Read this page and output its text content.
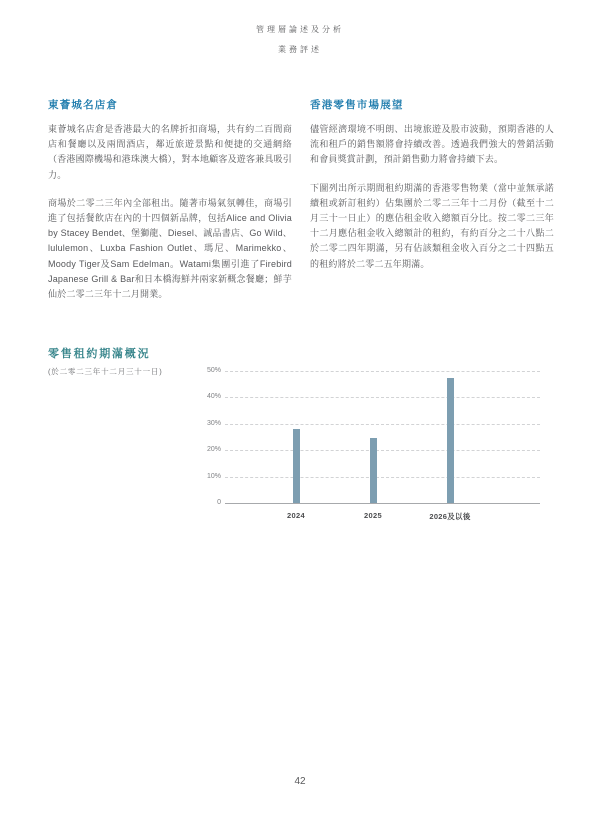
管理層論述及分析
業務評述
東薈城名店倉

東薈城名店倉是香港最大的名牌折扣商場，共有約二百間商店和餐廳以及兩間酒店，鄰近旅遊景點和便捷的交通網絡（香港國際機場和港珠澳大橋），對本地顧客及遊客兼具吸引力。

商場於二零二三年內全部租出。隨著市場氣氛轉佳，商場引進了包括餐飲店在內的十四個新品牌，包括Alice and Olivia by Stacey Bendet、堡獅龍、Diesel、誠品書店、Go Wild、lululemon、Luxba Fashion Outlet、瑪尼、Marimekko、Moody Tiger及Sam Edelman。Watami集團引進了Firebird Japanese Grill & Bar和日本橋海鮮丼兩家新概念餐廳；鮮芋仙於二零二三年十二月開業。

香港零售市場展望

儘管經濟環境不明朗、出境旅遊及股市波動，預期香港的人流和租戶的銷售額將會持續改善。透過我們強大的營銷活動和會員獎賞計劃，預計銷售動力將會持續下去。

下圖列出所示期間租約期滿的香港零售物業（當中並無承諾續租或新訂租約）佔集團於二零二三年十二月份（截至十二月三十一日止）的應佔租金收入總額百分比。按二零二三年十二月應佔租金收入總額計的租約，有約百分之二十八點二於二零二四年期滿，另有佔該類租金收入百分之二十四點五的租約將於二零二五年期滿。

零售租約期滿概況
(於二零二三年十二月三十一日)	50%
40%
30%
20%
10%
0
2024	2025	2026及以後
42
